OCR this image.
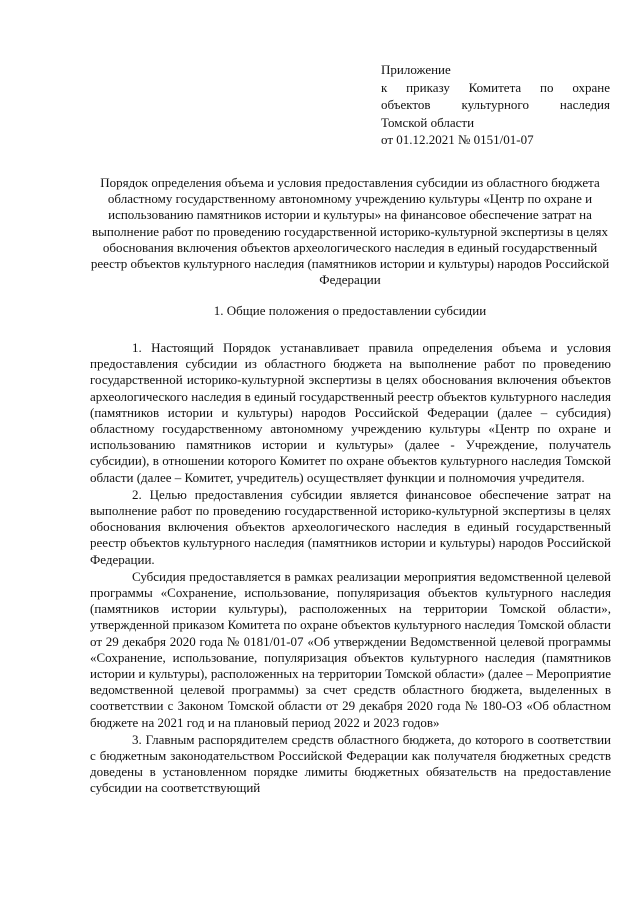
Приложение
к приказу Комитета по охране
объектов культурного наследия
Томской области
от 01.12.2021 № 0151/01-07
Порядок определения объема и условия предоставления субсидии из областного бюджета областному государственному автономному учреждению культуры «Центр по охране и использованию памятников истории и культуры» на финансовое обеспечение затрат на выполнение работ по проведению государственной историко-культурной экспертизы в целях обоснования включения объектов археологического наследия в единый государственный реестр объектов культурного наследия (памятников истории и культуры) народов Российской Федерации
1. Общие положения о предоставлении субсидии

1. Настоящий Порядок устанавливает правила определения объема и условия предоставления субсидии из областного бюджета на выполнение работ по проведению государственной историко-культурной экспертизы в целях обоснования включения объектов археологического наследия в единый государственный реестр объектов культурного наследия (памятников истории и культуры) народов Российской Федерации (далее – субсидия) областному государственному автономному учреждению культуры «Центр по охране и использованию памятников истории и культуры» (далее - Учреждение, получатель субсидии), в отношении которого Комитет по охране объектов культурного наследия Томской области (далее – Комитет, учредитель) осуществляет функции и полномочия учредителя.

2. Целью предоставления субсидии является финансовое обеспечение затрат на выполнение работ по проведению государственной историко-культурной экспертизы в целях обоснования включения объектов археологического наследия в единый государственный реестр объектов культурного наследия (памятников истории и культуры) народов Российской Федерации.

Субсидия предоставляется в рамках реализации мероприятия ведомственной целевой программы «Сохранение, использование, популяризация объектов культурного наследия (памятников истории культуры), расположенных на территории Томской области», утвержденной приказом Комитета по охране объектов культурного наследия Томской области от 29 декабря 2020 года № 0181/01-07 «Об утверждении Ведомственной целевой программы «Сохранение, использование, популяризация объектов культурного наследия (памятников истории и культуры), расположенных на территории Томской области» (далее – Мероприятие ведомственной целевой программы) за счет средств областного бюджета, выделенных в соответствии с Законом Томской области от 29 декабря 2020 года № 180-ОЗ «Об областном бюджете на 2021 год и на плановый период 2022 и 2023 годов»

3. Главным распорядителем средств областного бюджета, до которого в соответствии с бюджетным законодательством Российской Федерации как получателя бюджетных средств доведены в установленном порядке лимиты бюджетных обязательств на предоставление субсидии на соответствующий
